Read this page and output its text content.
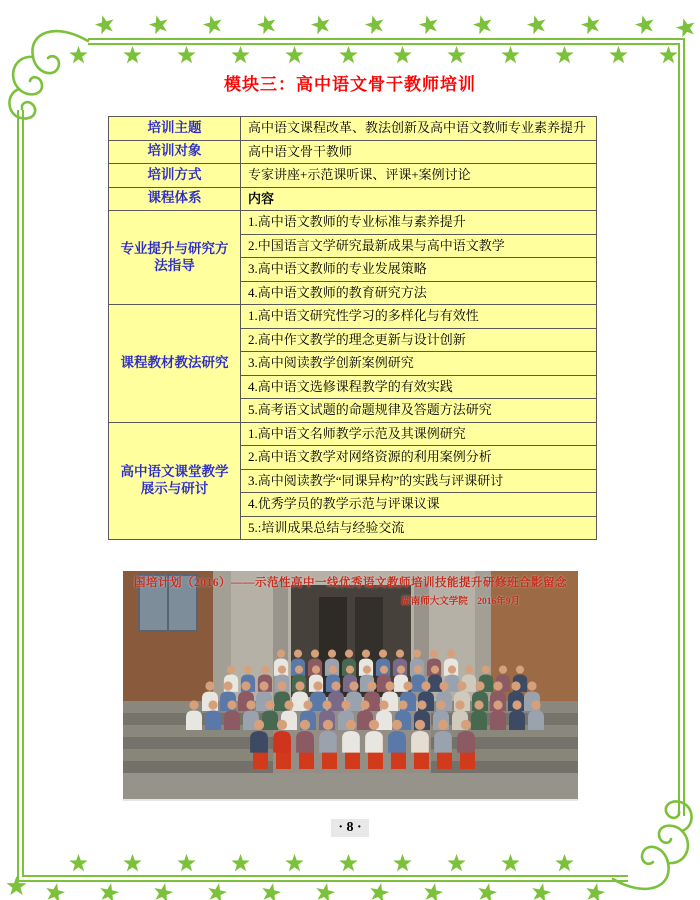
模块三：高中语文骨干教师培训
培训主题	高中语文课程改革、教法创新及高中语文教师专业素养提升
培训对象	高中语文骨干教师
培训方式	专家讲座+示范课听课、评课+案例讨论
课程体系	内容
专业提升与研究方法指导	1.高中语文教师的专业标准与素养提升
	2.中国语言文学研究最新成果与高中语文教学
	3.高中语文教师的专业发展策略
	4.高中语文教师的教育研究方法
课程教材教法研究	1.高中语文研究性学习的多样化与有效性
	2.高中作文教学的理念更新与设计创新
	3.高中阅读教学创新案例研究
	4.高中语文选修课程教学的有效实践
	5.高考语文试题的命题规律及答题方法研究
高中语文课堂教学展示与研讨	1.高中语文名师教学示范及其课例研究
	2.高中语文教学对网络资源的利用案例分析
	3.高中阅读教学“同课异构”的实践与评课研讨
	4.优秀学员的教学示范与评课议课
	5.:培训成果总结与经验交流
国培计划（2016）——示范性高中一线优秀语文教师培训技能提升研修班合影留念
湖南师大文学院　2016年9月
· 8 ·
